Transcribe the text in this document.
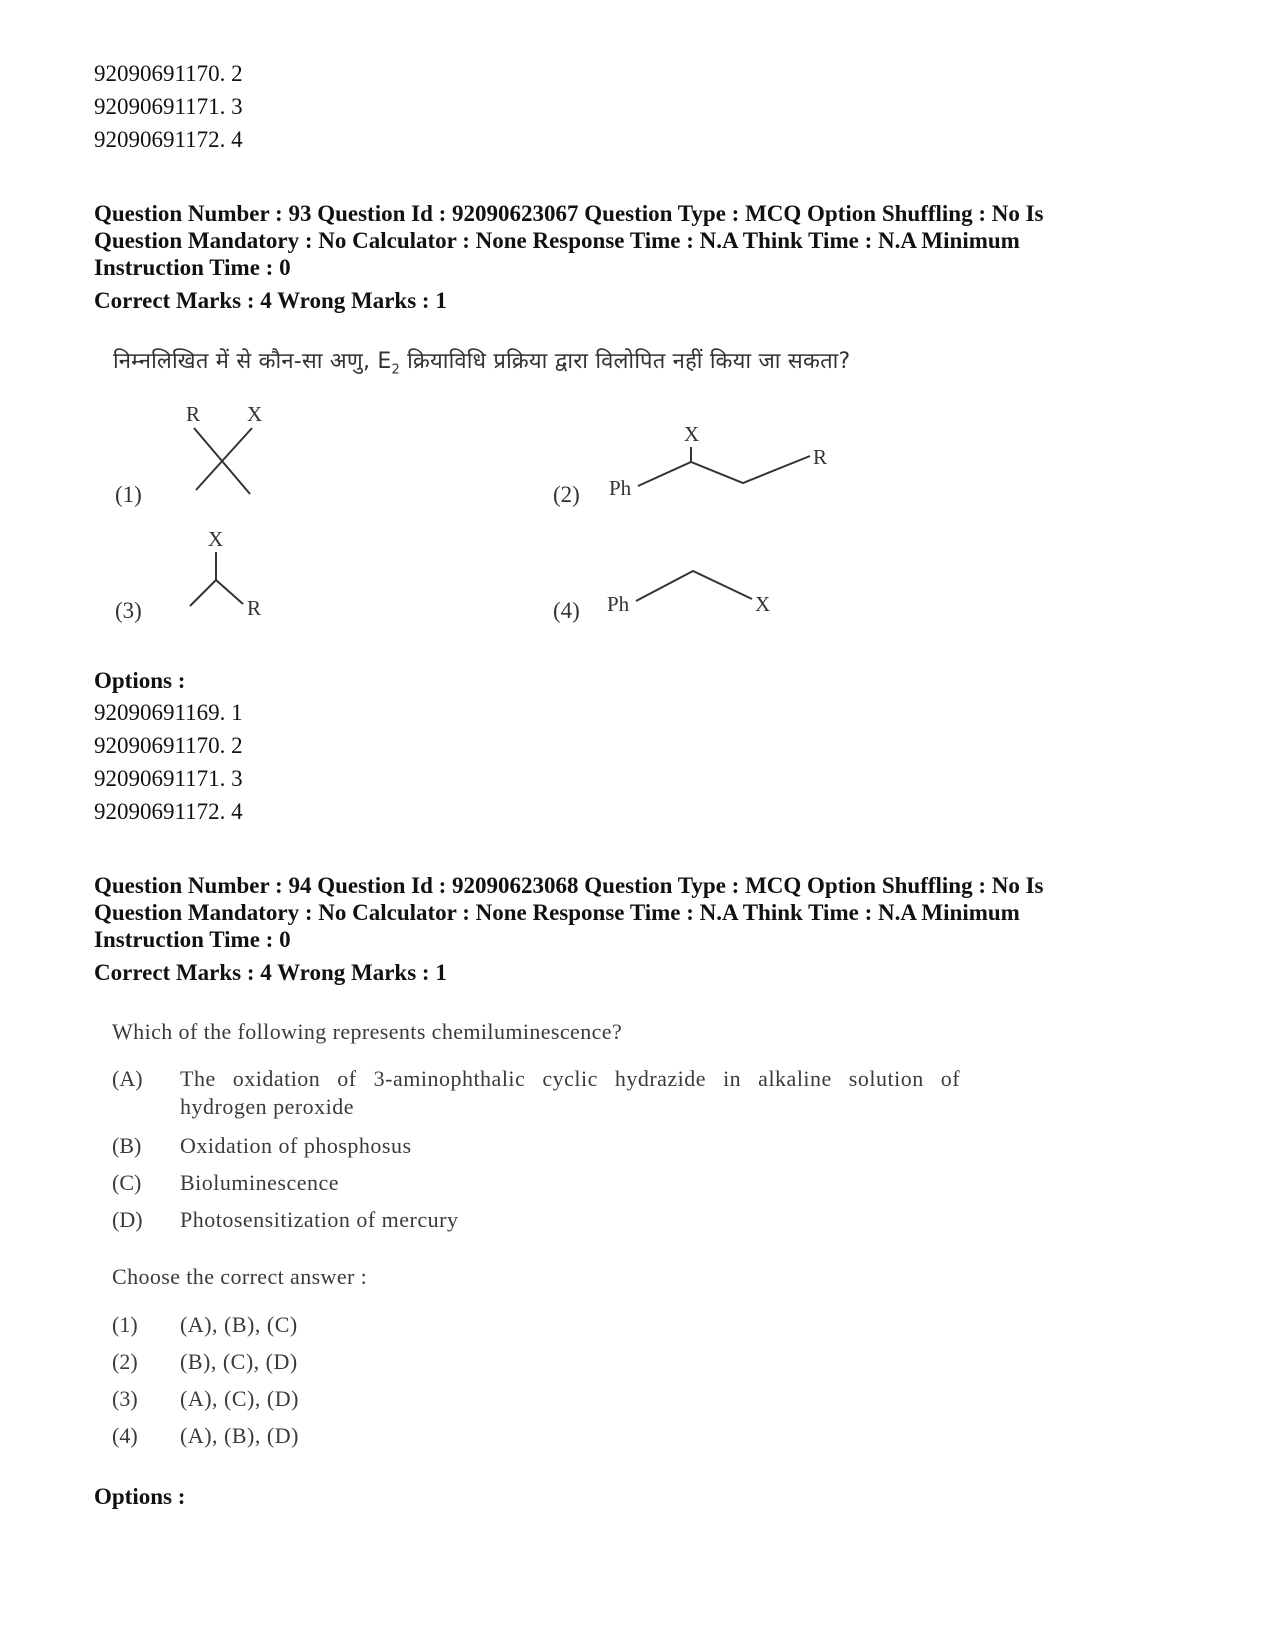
92090691170. 2
92090691171. 3
92090691172. 4
Question Number : 93 Question Id : 92090623067 Question Type : MCQ Option Shuffling : No Is
Question Mandatory : No Calculator : None Response Time : N.A Think Time : N.A Minimum
Instruction Time : 0
Correct Marks : 4 Wrong Marks : 1
निम्नलिखित में से कौन-सा अणु, $E_2$ क्रियाविधि प्रक्रिया द्वारा विलोपित नहीं किया जा सकता?
(1)
R X
(2) Ph
X
R
(3)
X
R	(4) Ph	X
Options :
92090691169. 1
92090691170. 2
92090691171. 3
92090691172. 4
Question Number : 94 Question Id : 92090623068 Question Type : MCQ Option Shuffling : No Is
Question Mandatory : No Calculator : None Response Time : N.A Think Time : N.A Minimum
Instruction Time : 0
Correct Marks : 4 Wrong Marks : 1
Which of the following represents chemiluminescence?
(A) The oxidation of 3-aminophthalic cyclic hydrazide in alkaline solution of
hydrogen peroxide
(B) Oxidation of phosphosus
(C) Bioluminescence
(D) Photosensitization of mercury
Choose the correct answer :
(1) (A), (B), (C)
(2) (B), (C), (D)
(3) (A), (C), (D)
(4) (A), (B), (D)
Options :
